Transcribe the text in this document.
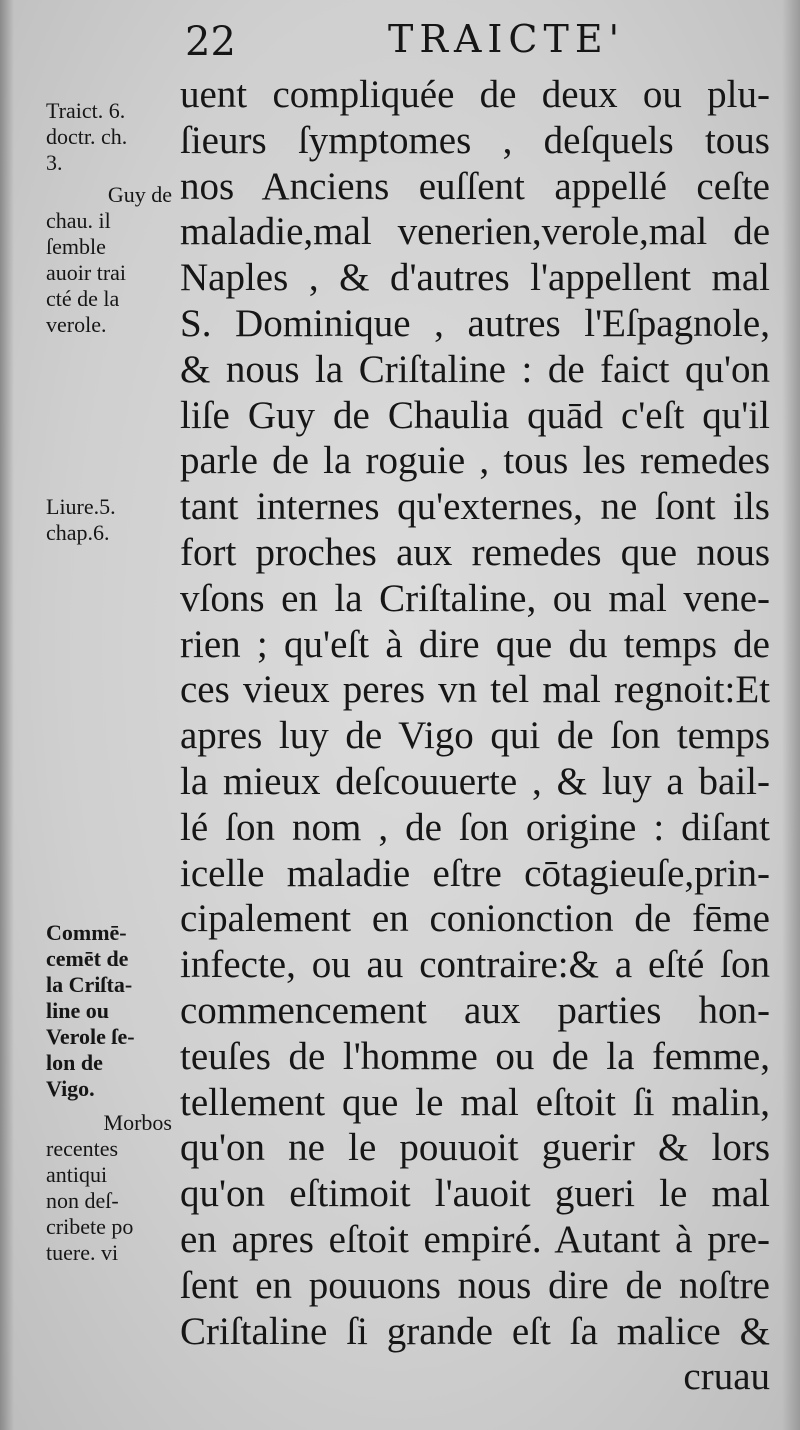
22	TRAICTE'
uent compliquée de deux ou plu-
ſieurs ſymptomes , deſquels tous
nos Anciens euſſent appellé ceſte
maladie,mal venerien,verole,mal de
Naples , & d'autres l'appellent mal
S. Dominique , autres l'Eſpagnole,
& nous la Criſtaline : de faict qu'on
liſe Guy de Chaulia quād c'eſt qu'il
parle de la roguie , tous les remedes
tant internes qu'externes, ne ſont ils
fort proches aux remedes que nous
vſons en la Criſtaline, ou mal vene-
rien ; qu'eſt à dire que du temps de
ces vieux peres vn tel mal regnoit:Et
apres luy de Vigo qui de ſon temps
la mieux deſcouuerte , & luy a bail-
lé ſon nom , de ſon origine : diſant
icelle maladie eſtre cōtagieuſe,prin-
cipalement en conionction de fēme
infecte, ou au contraire:& a eſté ſon
commencement aux parties hon-
teuſes de l'homme ou de la femme,
tellement que le mal eſtoit ſi malin,
qu'on ne le pouuoit guerir & lors
qu'on eſtimoit l'auoit gueri le mal
en apres eſtoit empiré. Autant à pre-
ſent en pouuons nous dire de noſtre
Criſtaline ſi grande eſt ſa malice &
cruau
Traict. 6.
doctr. ch.
3.
Guy de
chau. il
ſemble
auoir trai
cté de la
verole.
Liure.5.
chap.6.
Commē-
cemēt de
la Criſta-
line ou
Verole ſe-
lon de
Vigo.
Morbos
recentes
antiqui
non deſ-
cribete po
tuere. vi
